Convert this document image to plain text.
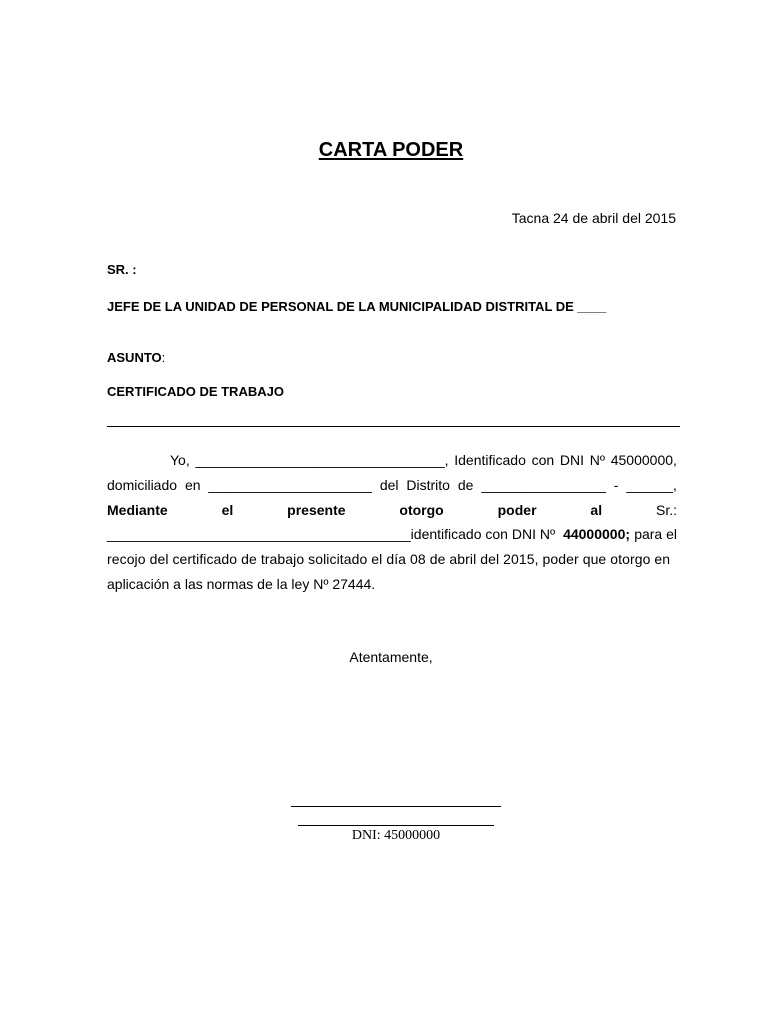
CARTA PODER
Tacna 24 de abril del 2015
SR. :
JEFE DE LA UNIDAD DE PERSONAL DE LA MUNICIPALIDAD DISTRITAL DE ____
ASUNTO:
CERTIFICADO DE TRABAJO
Yo, ________________________________, Identificado con DNI Nº 45000000,
domiciliado en _____________________ del Distrito de ________________ - ______,
Mediante	el	presente	otorgo	poder	al	Sr.:
_______________________________________identificado con DNI Nº 44000000; para el
recojo del certificado de trabajo solicitado el día 08 de abril del 2015, poder que otorgo en
aplicación a las normas de la ley Nº 27444.
Atentamente,
DNI: 45000000
